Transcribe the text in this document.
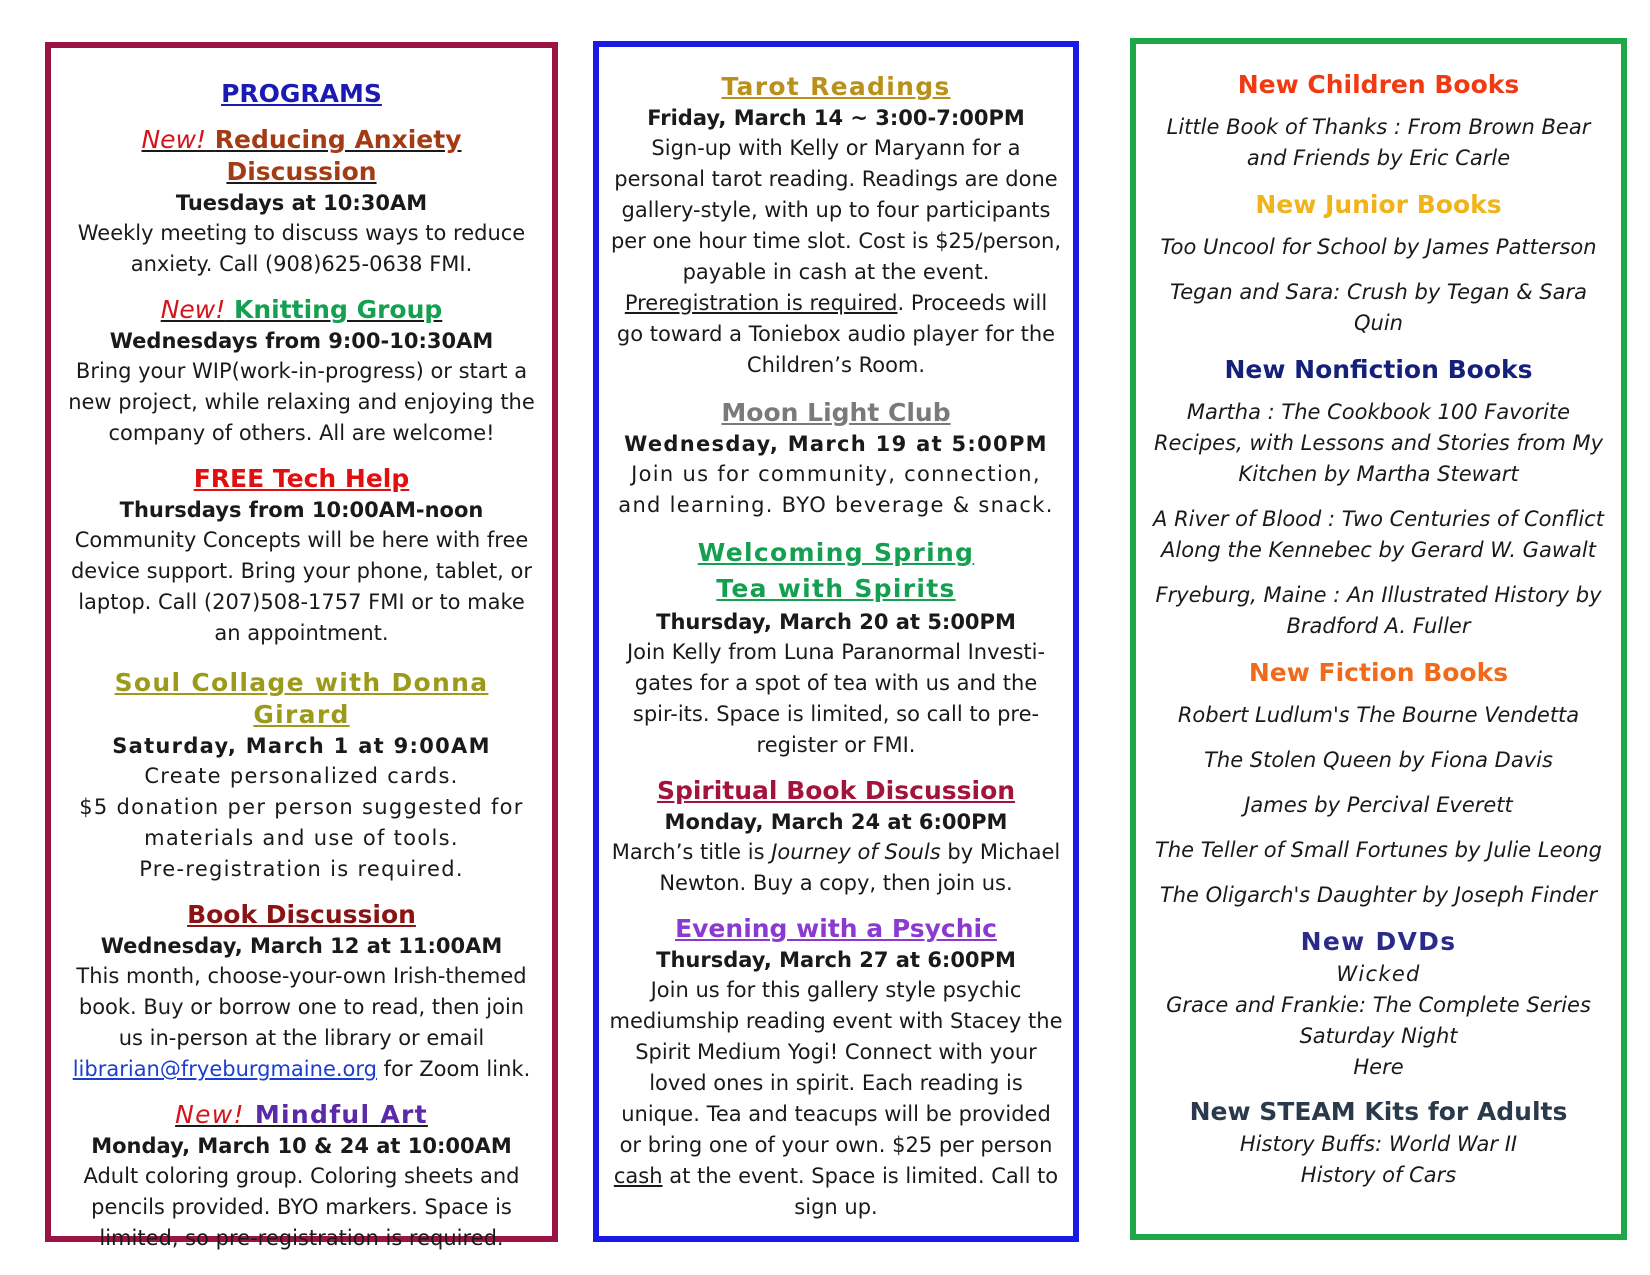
PROGRAMS

New! Reducing Anxiety Discussion

Tuesdays at 10:30AM

Weekly meeting to discuss ways to reduce anxiety. Call (908)625-0638 FMI.

New! Knitting Group

Wednesdays from 9:00-10:30AM

Bring your WIP(work-in-progress) or start a new project, while relaxing and enjoying the company of others. All are welcome!

FREE Tech Help

Thursdays from 10:00AM-noon

Community Concepts will be here with free device support. Bring your phone, tablet, or laptop. Call (207)508-1757 FMI or to make an appointment.

Soul Collage with Donna Girard

Saturday, March 1 at 9:00AM

Create personalized cards.

$5 donation per person suggested for materials and use of tools.

Pre-registration is required.

Book Discussion

Wednesday, March 12 at 11:00AM

This month, choose-your-own Irish-themed book. Buy or borrow one to read, then join us in-person at the library or email librarian@fryeburgmaine.org for Zoom link.

New! Mindful Art

Monday, March 10 & 24 at 10:00AM

Adult coloring group. Coloring sheets and pencils provided. BYO markers. Space is limited, so pre-registration is required.

Tarot Readings

Friday, March 14 ~ 3:00-7:00PM

Sign-up with Kelly or Maryann for a personal tarot reading. Readings are done gallery-style, with up to four participants per one hour time slot. Cost is $25/person, payable in cash at the event. Preregistration is required. Proceeds will go toward a Toniebox audio player for the Children’s Room.

Moon Light Club

Wednesday, March 19 at 5:00PM

Join us for community, connection, and learning. BYO beverage & snack.

Welcoming Spring

Tea with Spirits

Thursday, March 20 at 5:00PM

Join Kelly from Luna Paranormal Investi-gates for a spot of tea with us and the spir-its. Space is limited, so call to pre-register or FMI.

Spiritual Book Discussion

Monday, March 24 at 6:00PM

March’s title is Journey of Souls by Michael Newton. Buy a copy, then join us.

Evening with a Psychic

Thursday, March 27 at 6:00PM

Join us for this gallery style psychic mediumship reading event with Stacey the Spirit Medium Yogi! Connect with your loved ones in spirit. Each reading is unique. Tea and teacups will be provided or bring one of your own. $25 per person cash at the event. Space is limited. Call to sign up.

New Children Books

Little Book of Thanks : From Brown Bear and Friends by Eric Carle

New Junior Books

Too Uncool for School by James Patterson

Tegan and Sara: Crush by Tegan & Sara Quin

New Nonfiction Books

Martha : The Cookbook 100 Favorite Recipes, with Lessons and Stories from My Kitchen by Martha Stewart

A River of Blood : Two Centuries of Conflict Along the Kennebec by Gerard W. Gawalt

Fryeburg, Maine : An Illustrated History by Bradford A. Fuller

New Fiction Books

Robert Ludlum's The Bourne Vendetta

The Stolen Queen by Fiona Davis

James by Percival Everett

The Teller of Small Fortunes by Julie Leong

The Oligarch's Daughter by Joseph Finder

New DVDs

Wicked

Grace and Frankie: The Complete Series

Saturday Night

Here

New STEAM Kits for Adults

History Buffs: World War II

History of Cars
